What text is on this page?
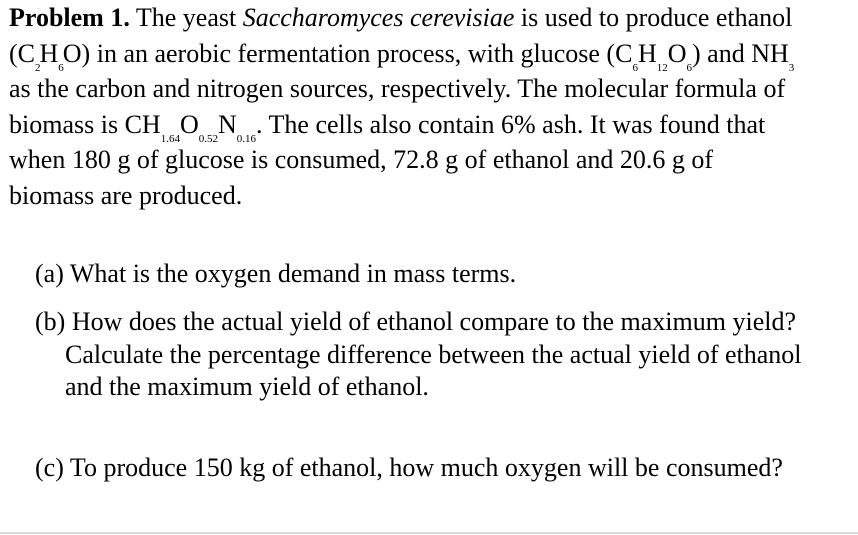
Problem 1. The yeast Saccharomyces cerevisiae is used to produce ethanol $(C_2H_6O)$ in an aerobic fermentation process, with glucose $(C_6H_{12}O_6)$ and $NH_3$ as the carbon and nitrogen sources, respectively. The molecular formula of biomass is $CH_{1.64}O_{0.52}N_{0.16}$. The cells also contain 6% ash. It was found that when 180 g of glucose is consumed, 72.8 g of ethanol and 20.6 g of biomass are produced.
(a) What is the oxygen demand in mass terms.
(b) How does the actual yield of ethanol compare to the maximum yield? Calculate the percentage difference between the actual yield of ethanol and the maximum yield of ethanol.
(c) To produce 150 kg of ethanol, how much oxygen will be consumed?
